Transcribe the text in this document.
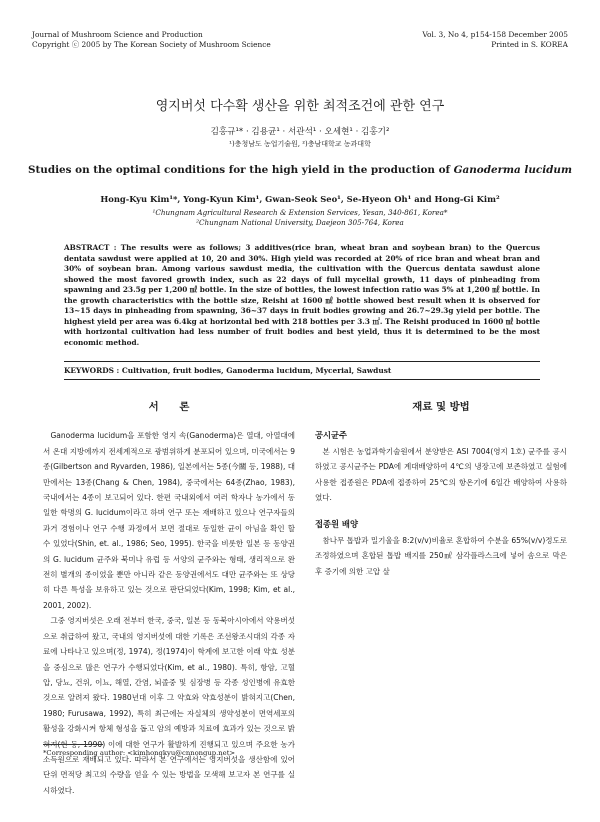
Journal of Mushroom Science and Production
Copyright ⓒ 2005 by The Korean Society of Mushroom Science
Vol. 3, No 4, p154-158 December 2005
Printed in S. KOREA
영지버섯 다수확 생산을 위한 최적조건에 관한 연구
김홍규¹* · 김용균¹ · 서관석¹ · 오세현¹ · 김홍기²
¹)충청남도 농업기술원, ²)충남대학교 농과대학
Studies on the optimal conditions for the high yield in the production of Ganoderma lucidum
Hong-Kyu Kim¹*, Yong-Kyun Kim¹, Gwan-Seok Seo¹, Se-Hyeon Oh¹ and Hong-Gi Kim²
¹Chungnam Agricultural Research & Extension Services, Yesan, 340-861, Korea*
²Chungnam National University, Daejeon 305-764, Korea
ABSTRACT : The results were as follows; 3 additives(rice bran, wheat bran and soybean bran) to the Quercus dentata sawdust were applied at 10, 20 and 30%. High yield was recorded at 20% of rice bran and wheat bran and 30% of soybean bran. Among various sawdust media, the cultivation with the Quercus dentata sawdust alone showed the most favored growth index, such as 22 days of full mycelial growth, 11 days of pinheading from spawning and 23.5g per 1,200 ㎖ bottle. In the size of bottles, the lowest infection ratio was 5% at 1,200 ㎖ bottle. In the growth characteristics with the bottle size, Reishi at 1600 ㎖ bottle showed best result when it is observed for 13~15 days in pinheading from spawning, 36~37 days in fruit bodies growing and 26.7~29.3g yield per bottle. The highest yield per area was 6.4kg at horizontal bed with 218 bottles per 3.3 ㎡. The Reishi produced in 1600 ㎖ bottle with horizontal cultivation had less number of fruit bodies and best yield, thus it is determined to be the most economic method.
KEYWORDS : Cultivation, fruit bodies, Ganoderma lucidum, Mycerial, Sawdust
서　　론

Ganoderma lucidum을 포함한 영지 속(Ganoderma)은 열대, 아열대에서 온대 지방에까지 전세계적으로 광범위하게 분포되어 있으며, 미국에서는 9종(Gilbertson and Ryvarden, 1986), 일본에서는 5종(今關 등, 1988), 대만에서는 13종(Chang & Chen, 1984), 중국에서는 64종(Zhao, 1983), 국내에서는 4종이 보고되어 있다. 한편 국내외에서 여러 학자나 농가에서 동일한 학명의 G. lucidum이라고 하며 연구 또는 재배하고 있으나 연구자들의 과거 경험이나 연구 수행 과정에서 보면 절대로 동일한 균이 아님을 확인 할 수 있었다(Shin, et. al., 1986; Seo, 1995). 한국을 비롯한 일본 등 동양권의 G. lucidum 균주와 북미나 유럽 등 서양의 균주와는 형태, 생리적으로 완전히 별개의 종이었을 뿐만 아니라 같은 동양권에서도 대만 균주와는 또 상당히 다른 특성을 보유하고 있는 것으로 판단되었다(Kim, 1998; Kim, et al., 2001, 2002).

그중 영지버섯은 오래 전부터 한국, 중국, 일본 등 동북아시아에서 약용버섯으로 취급하여 왔고, 국내의 영지버섯에 대한 기록은 조선왕조시대의 각종 자료에 나타나고 있으며(정, 1974), 정(1974)이 학계에 보고한 이래 약효 성분을 중심으로 많은 연구가 수행되었다(Kim, et al., 1980). 특히, 항암, 고혈압, 당뇨, 건위, 이뇨, 해열, 간염, 뇌졸중 및 심장병 등 각종 성인병에 유효한 것으로 알려져 왔다. 1980년대 이후 그 약효와 약효성분이 밝혀지고(Chen, 1980; Furusawa, 1992), 특히 최근에는 자실체의 생약성분이 면역세포의 활성을 강화시켜 항체 형성을 돕고 암의 예방과 치료에 효과가 있는 것으로 밝혀져(현 등, 1990) 이에 대한 연구가 활발하게 진행되고 있으며 주요한 농가 소득원으로 재배되고 있다. 따라서 본 연구에서는 영지버섯을 생산함에 있어 단위 면적당 최고의 수량을 얻을 수 있는 방법을 모색해 보고자 본 연구를 실시하였다.

재료 및 방법
공시균주

본 시험은 농업과학기술원에서 분양받은 ASI 7004(영지 1호) 균주를 공시하였고 공시균주는 PDA에 계대배양하여 4℃의 냉장고에 보존하였고 실험에 사용한 접종원은 PDA에 접종하여 25℃의 항온기에 6일간 배양하여 사용하였다.

접종원 배양

참나무 톱밥과 밀기울을 8:2(v/v)비율로 혼합하여 수분을 65%(v/v)정도로 조정하였으며 혼합된 톱밥 배지를 250㎖ 삼각플라스크에 넣어 솜으로 막은 후 증기에 의한 고압 살

*Corresponding author: <kimhongkyu@cnnongup.net>
